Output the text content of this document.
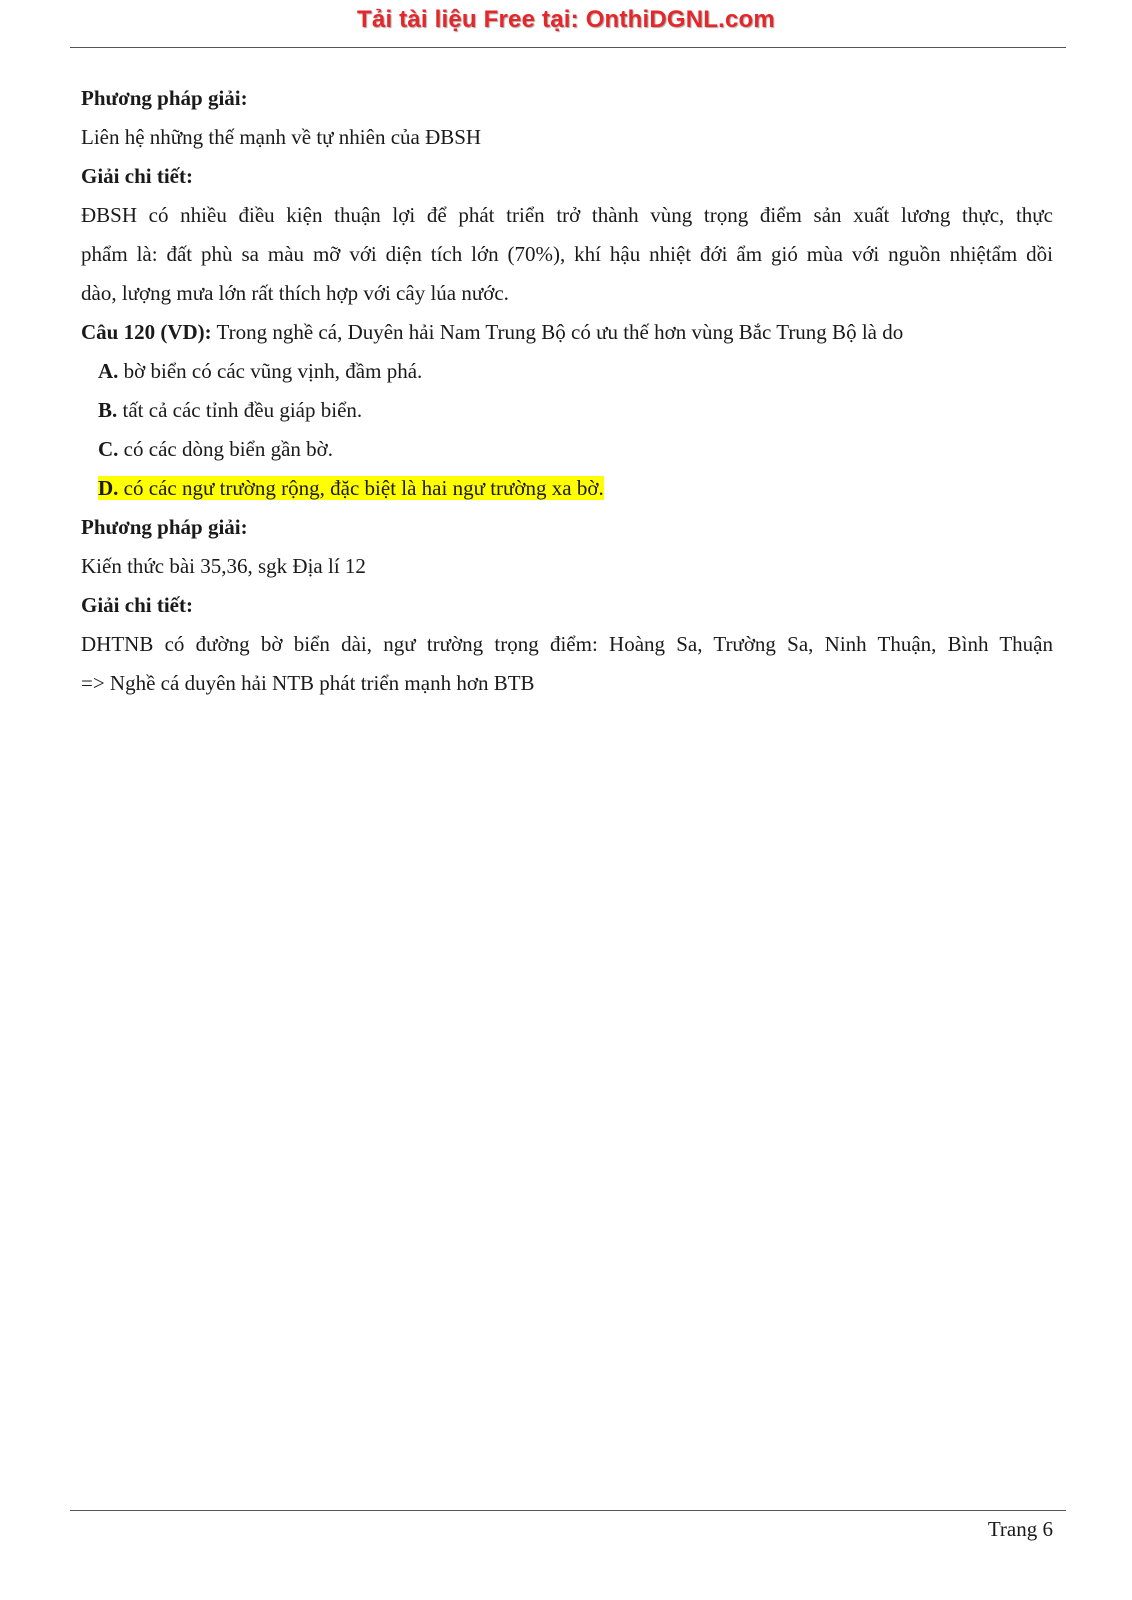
Tải tài liệu Free tại: OnthiDGNL.com
Phương pháp giải:
Liên hệ những thế mạnh về tự nhiên của ĐBSH
Giải chi tiết:
ĐBSH có nhiều điều kiện thuận lợi để phát triển trở thành vùng trọng điểm sản xuất lương thực, thực
phẩm là: đất phù sa màu mỡ với diện tích lớn (70%), khí hậu nhiệt đới ẩm gió mùa với nguồn nhiệtẩm dồi
dào, lượng mưa lớn rất thích hợp với cây lúa nước.
Câu 120 (VD): Trong nghề cá, Duyên hải Nam Trung Bộ có ưu thế hơn vùng Bắc Trung Bộ là do
A. bờ biển có các vũng vịnh, đầm phá.
B. tất cả các tỉnh đều giáp biển.
C. có các dòng biển gần bờ.
D. có các ngư trường rộng, đặc biệt là hai ngư trường xa bờ.
Phương pháp giải:
Kiến thức bài 35,36, sgk Địa lí 12
Giải chi tiết:
DHTNB có đường bờ biển dài, ngư trường trọng điểm: Hoàng Sa, Trường Sa, Ninh Thuận, Bình Thuận
=> Nghề cá duyên hải NTB phát triển mạnh hơn BTB
Trang 6
